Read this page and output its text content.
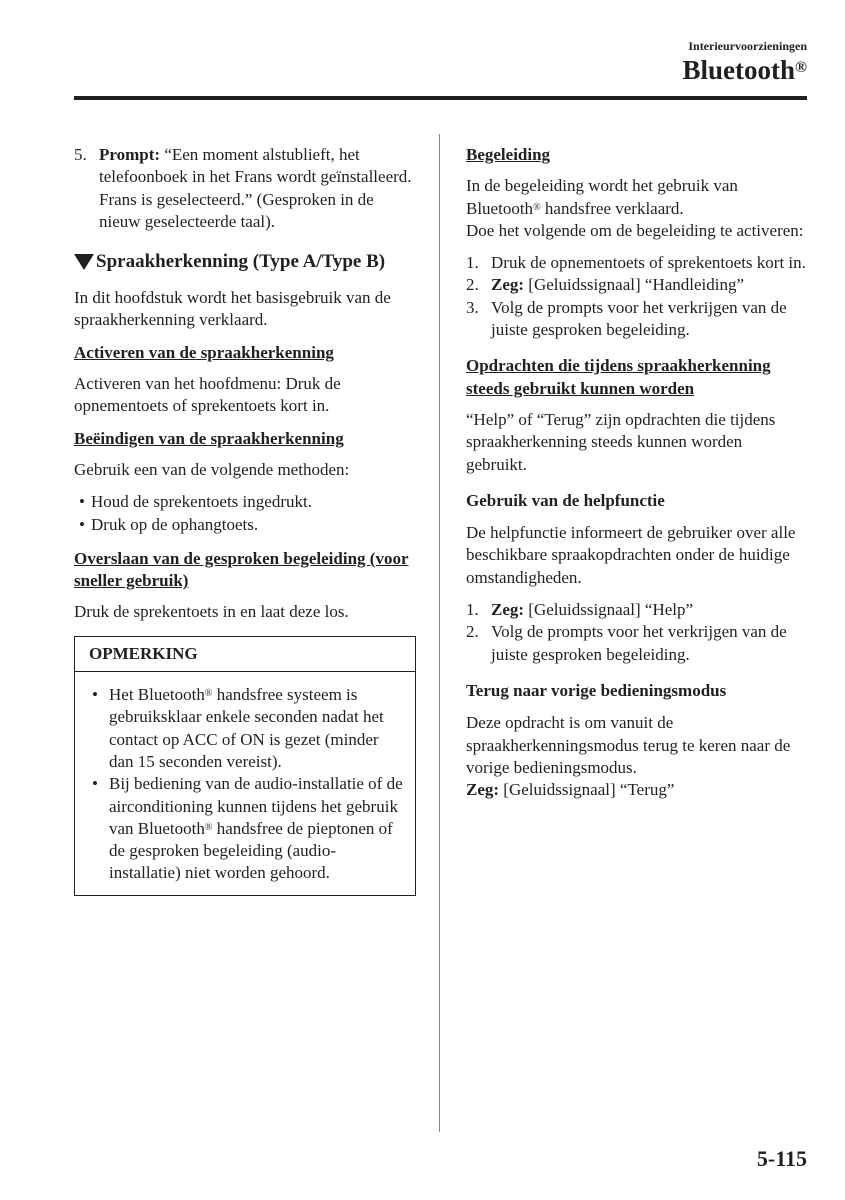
Interieurvoorzieningen
Bluetooth®
5. Prompt: “Een moment alstublieft, het telefoonboek in het Frans wordt geïnstalleerd. Frans is geselecteerd.” (Gesproken in de nieuw geselecteerde taal).
Spraakherkenning (Type A/Type B)

In dit hoofdstuk wordt het basisgebruik van de spraakherkenning verklaard.

Activeren van de spraakherkenning

Activeren van het hoofdmenu: Druk de opnementoets of sprekentoets kort in.

Beëindigen van de spraakherkenning

Gebruik een van de volgende methoden:

• Houd de sprekentoets ingedrukt.
• Druk op de ophangtoets.
Overslaan van de gesproken begeleiding (voor sneller gebruik)

Druk de sprekentoets in en laat deze los.

OPMERKING
• Het Bluetooth® handsfree systeem is gebruiksklaar enkele seconden nadat het contact op ACC of ON is gezet (minder dan 15 seconden vereist).
• Bij bediening van de audio-installatie of de airconditioning kunnen tijdens het gebruik van Bluetooth® handsfree de pieptonen of de gesproken begeleiding (audio-installatie) niet worden gehoord.
Begeleiding

In de begeleiding wordt het gebruik van Bluetooth® handsfree verklaard.
Doe het volgende om de begeleiding te activeren:

1. Druk de opnementoets of sprekentoets kort in.
2. Zeg: [Geluidssignaal] “Handleiding”
3. Volg de prompts voor het verkrijgen van de juiste gesproken begeleiding.
Opdrachten die tijdens spraakherkenning steeds gebruikt kunnen worden

“Help” of “Terug” zijn opdrachten die tijdens spraakherkenning steeds kunnen worden gebruikt.

Gebruik van de helpfunctie

De helpfunctie informeert de gebruiker over alle beschikbare spraakopdrachten onder de huidige omstandigheden.

1. Zeg: [Geluidssignaal] “Help”
2. Volg de prompts voor het verkrijgen van de juiste gesproken begeleiding.
Terug naar vorige bedieningsmodus

Deze opdracht is om vanuit de spraakherkenningsmodus terug te keren naar de vorige bedieningsmodus.
Zeg: [Geluidssignaal] “Terug”

5-115
